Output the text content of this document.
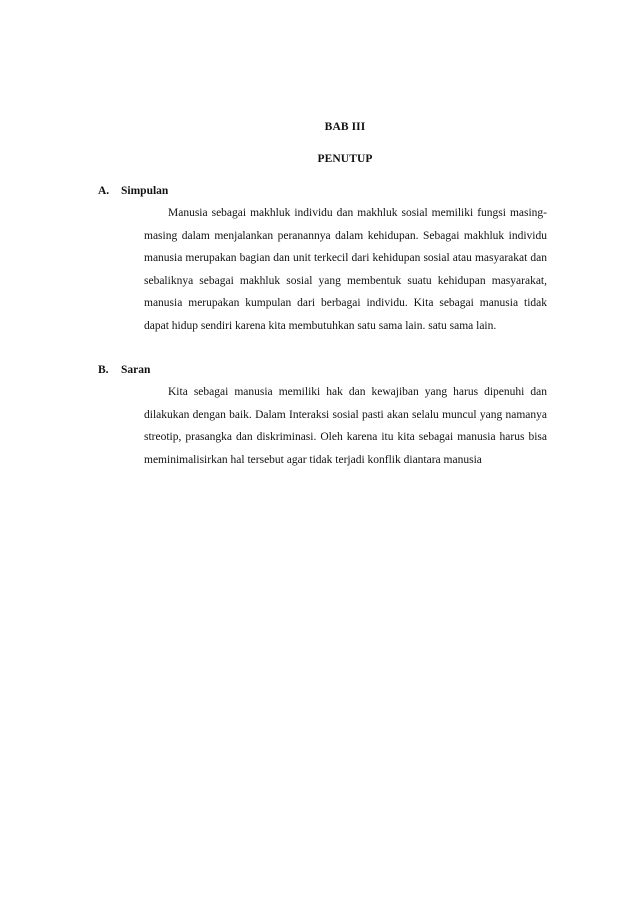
BAB III
PENUTUP
A. Simpulan

Manusia sebagai makhluk individu dan makhluk sosial memiliki fungsi masing-masing dalam menjalankan peranannya dalam kehidupan. Sebagai makhluk individu manusia merupakan bagian dan unit terkecil dari kehidupan sosial atau masyarakat dan sebaliknya sebagai makhluk sosial yang membentuk suatu kehidupan masyarakat, manusia merupakan kumpulan dari berbagai individu. Kita sebagai manusia tidak dapat hidup sendiri karena kita membutuhkan satu sama lain. satu sama lain.

B. Saran

Kita sebagai manusia memiliki hak dan kewajiban yang harus dipenuhi dan dilakukan dengan baik. Dalam Interaksi sosial pasti akan selalu muncul yang namanya streotip, prasangka dan diskriminasi. Oleh karena itu kita sebagai manusia harus bisa meminimalisirkan hal tersebut agar tidak terjadi konflik diantara manusia
